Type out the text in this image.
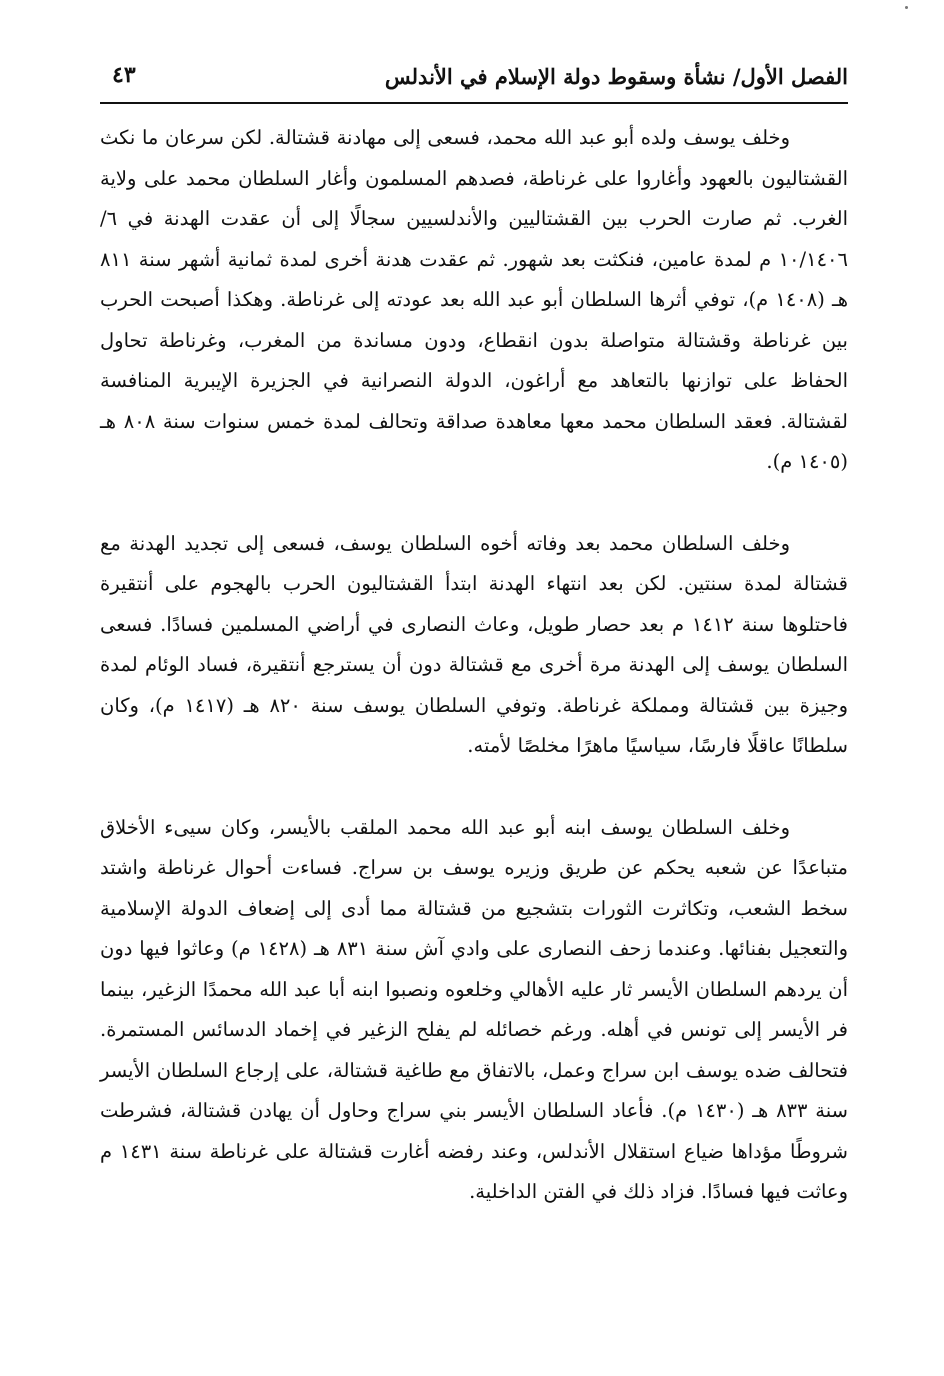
الفصل الأول/ نشأة وسقوط دولة الإسلام في الأندلس
٤٣

وخلف يوسف ولده أبو عبد الله محمد، فسعى إلى مهادنة قشتالة. لكن سرعان ما نكث القشتاليون بالعهود وأغاروا على غرناطة، فصدهم المسلمون وأغار السلطان محمد على ولاية الغرب. ثم صارت الحرب بين القشتاليين والأندلسيين سجالًا إلى أن عقدت الهدنة في ٦/ ١٠/١٤٠٦ م لمدة عامين، فنكثت بعد شهور. ثم عقدت هدنة أخرى لمدة ثمانية أشهر سنة ٨١١ هـ (١٤٠٨ م)، توفي أثرها السلطان أبو عبد الله بعد عودته إلى غرناطة. وهكذا أصبحت الحرب بين غرناطة وقشتالة متواصلة بدون انقطاع، ودون مساندة من المغرب، وغرناطة تحاول الحفاظ على توازنها بالتعاهد مع أراغون، الدولة النصرانية في الجزيرة الإيبرية المنافسة لقشتالة. فعقد السلطان محمد معها معاهدة صداقة وتحالف لمدة خمس سنوات سنة ٨٠٨ هـ (١٤٠٥ م).

وخلف السلطان محمد بعد وفاته أخوه السلطان يوسف، فسعى إلى تجديد الهدنة مع قشتالة لمدة سنتين. لكن بعد انتهاء الهدنة ابتدأ القشتاليون الحرب بالهجوم على أنتقيرة فاحتلوها سنة ١٤١٢ م بعد حصار طويل، وعاث النصارى في أراضي المسلمين فسادًا. فسعى السلطان يوسف إلى الهدنة مرة أخرى مع قشتالة دون أن يسترجع أنتقيرة، فساد الوئام لمدة وجيزة بين قشتالة ومملكة غرناطة. وتوفي السلطان يوسف سنة ٨٢٠ هـ (١٤١٧ م)، وكان سلطانًا عاقلًا فارسًا، سياسيًا ماهرًا مخلصًا لأمته.

وخلف السلطان يوسف ابنه أبو عبد الله محمد الملقب بالأيسر، وكان سيىء الأخلاق متباعدًا عن شعبه يحكم عن طريق وزيره يوسف بن سراج. فساءت أحوال غرناطة واشتد سخط الشعب، وتكاثرت الثورات بتشجيع من قشتالة مما أدى إلى إضعاف الدولة الإسلامية والتعجيل بفنائها. وعندما زحف النصارى على وادي آش سنة ٨٣١ هـ (١٤٢٨ م) وعاثوا فيها دون أن يردهم السلطان الأيسر ثار عليه الأهالي وخلعوه ونصبوا ابنه أبا عبد الله محمدًا الزغير، بينما فر الأيسر إلى تونس في أهله. ورغم خصائله لم يفلح الزغير في إخماد الدسائس المستمرة. فتحالف ضده يوسف ابن سراج وعمل، بالاتفاق مع طاغية قشتالة، على إرجاع السلطان الأيسر سنة ٨٣٣ هـ (١٤٣٠ م). فأعاد السلطان الأيسر بني سراج وحاول أن يهادن قشتالة، فشرطت شروطًا مؤداها ضياع استقلال الأندلس، وعند رفضه أغارت قشتالة على غرناطة سنة ١٤٣١ م وعاثت فيها فسادًا. فزاد ذلك في الفتن الداخلية.
